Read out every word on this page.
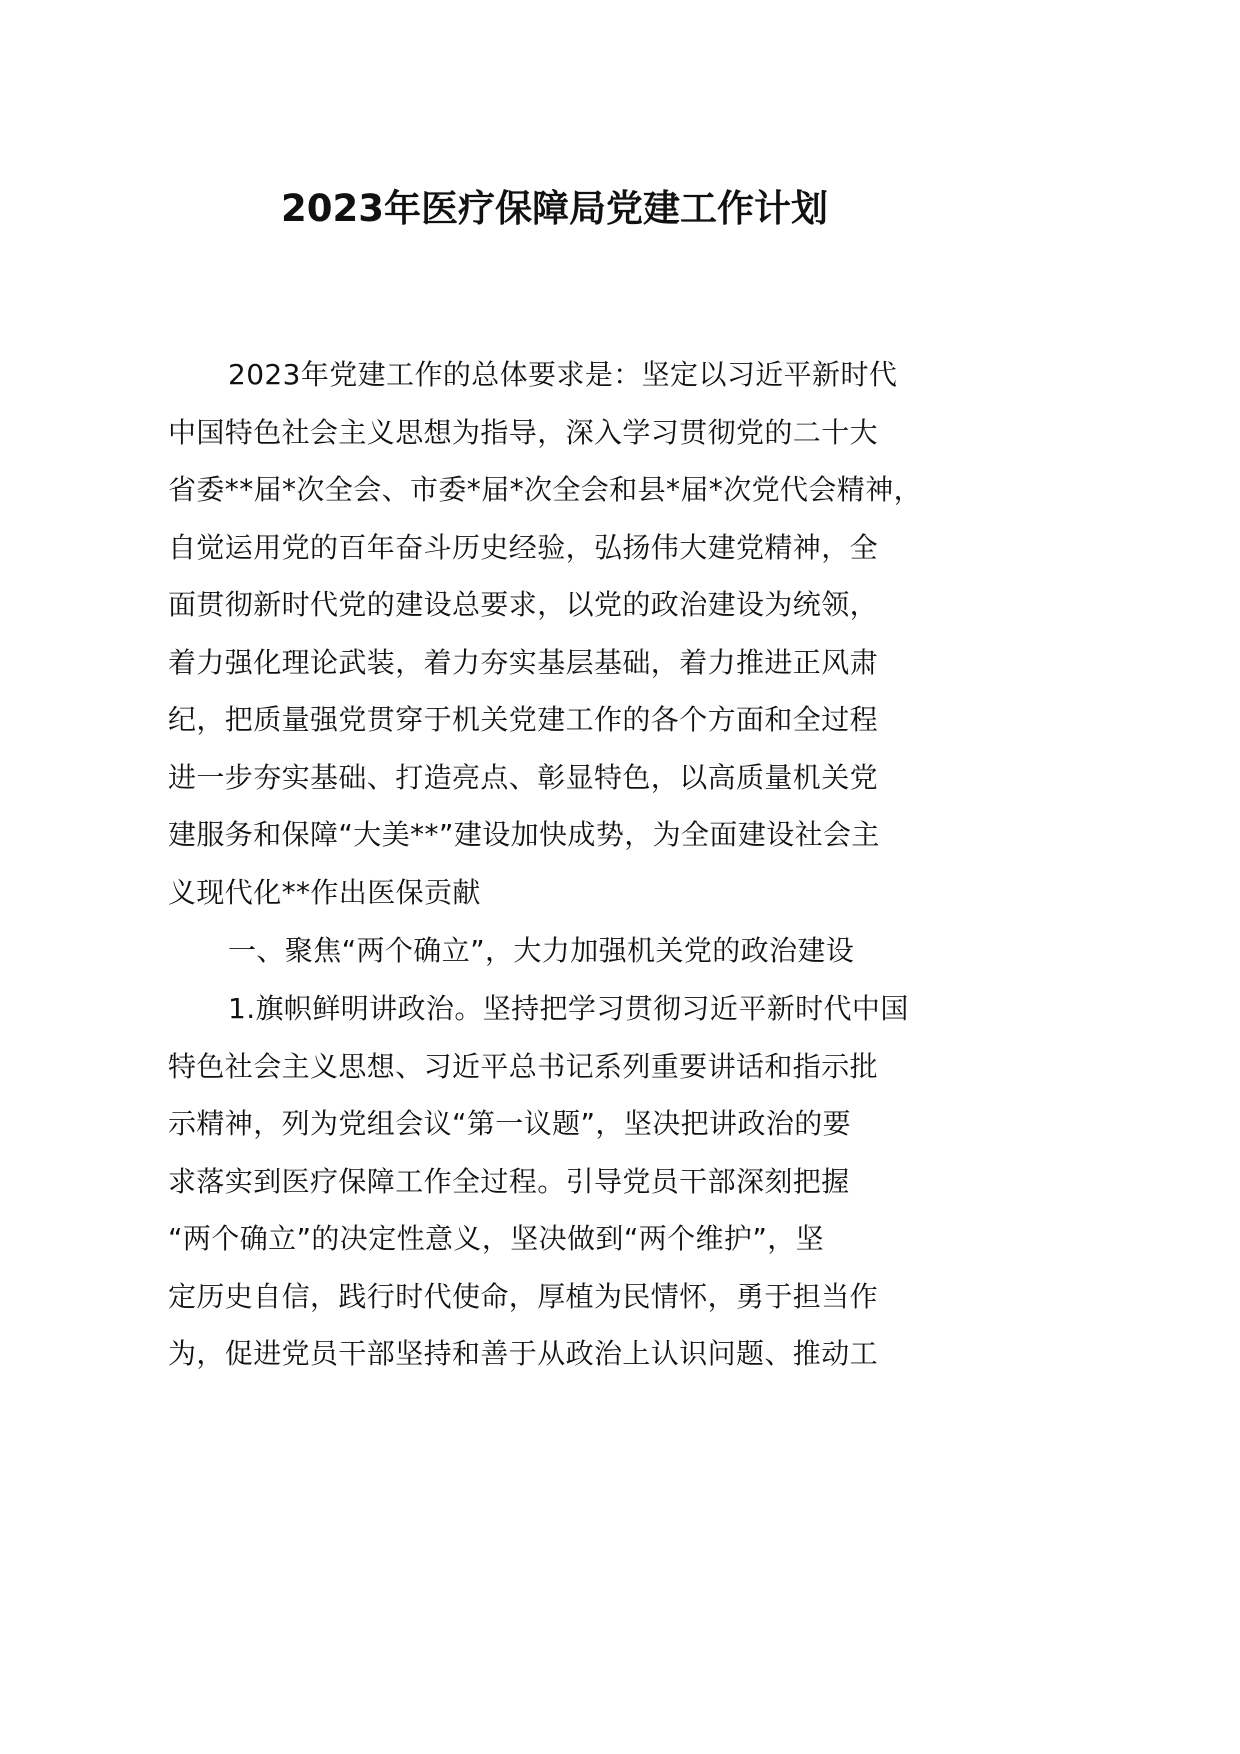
2023年医疗保障局党建工作计划
2023年党建工作的总体要求是：坚定以习近平新时代
中国特色社会主义思想为指导，深入学习贯彻党的二十大
省委**届*次全会、市委*届*次全会和县*届*次党代会精神，
自觉运用党的百年奋斗历史经验，弘扬伟大建党精神，全
面贯彻新时代党的建设总要求，以党的政治建设为统领，
着力强化理论武装，着力夯实基层基础，着力推进正风肃
纪，把质量强党贯穿于机关党建工作的各个方面和全过程
进一步夯实基础、打造亮点、彰显特色，以高质量机关党
建服务和保障“大美**”建设加快成势，为全面建设社会主
义现代化**作出医保贡献
一、聚焦“两个确立”，大力加强机关党的政治建设
1.旗帜鲜明讲政治。坚持把学习贯彻习近平新时代中国
特色社会主义思想、习近平总书记系列重要讲话和指示批
示精神，列为党组会议“第一议题”，坚决把讲政治的要
求落实到医疗保障工作全过程。引导党员干部深刻把握
“两个确立”的决定性意义，坚决做到“两个维护”，坚
定历史自信，践行时代使命，厚植为民情怀，勇于担当作
为，促进党员干部坚持和善于从政治上认识问题、推动工
